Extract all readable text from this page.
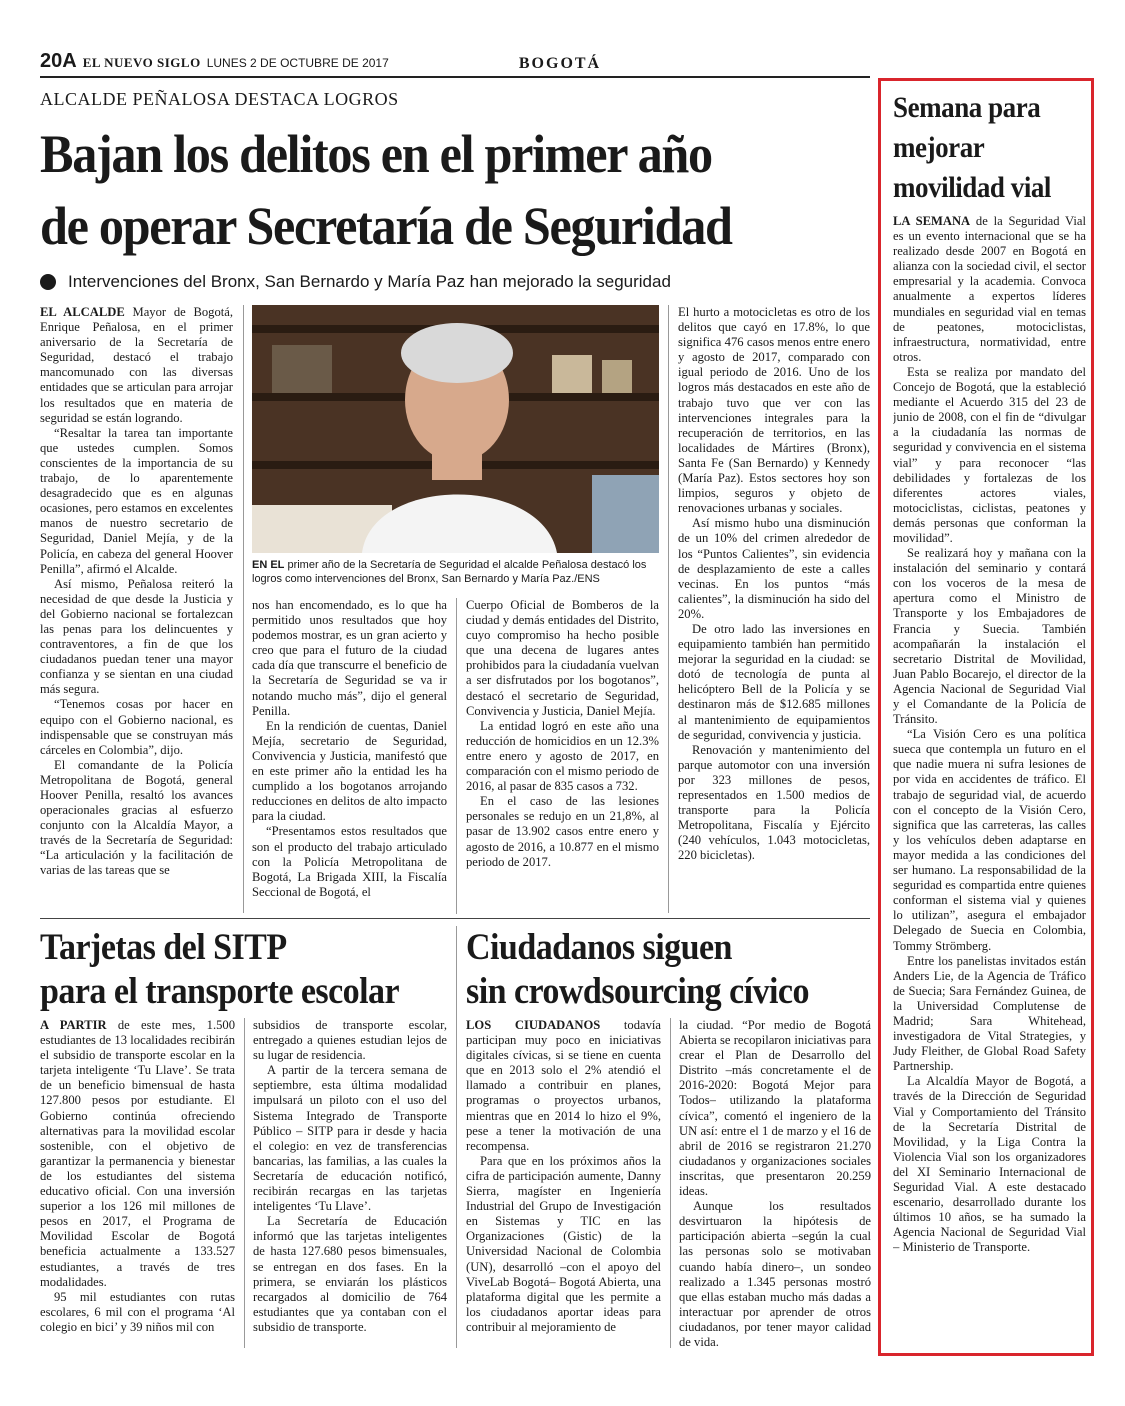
20A EL NUEVO SIGLO LUNES 2 DE OCTUBRE DE 2017	BOGOTÁ
ALCALDE PEÑALOSA DESTACA LOGROS
Bajan los delitos en el primer año
de operar Secretaría de Seguridad
Intervenciones del Bronx, San Bernardo y María Paz han mejorado la seguridad

EL ALCALDE Mayor de Bogotá, Enrique Peñalosa, en el primer aniversario de la Secretaría de Seguridad, destacó el trabajo mancomunado con las diversas entidades que se articulan para arrojar los resultados que en materia de seguridad se están logrando.

“Resaltar la tarea tan importante que ustedes cumplen. Somos conscientes de la importancia de su trabajo, de lo aparentemente desagradecido que es en algunas ocasiones, pero estamos en excelentes manos de nuestro secretario de Seguridad, Daniel Mejía, y de la Policía, en cabeza del general Hoover Penilla”, afirmó el Alcalde.

Así mismo, Peñalosa reiteró la necesidad de que desde la Justicia y del Gobierno nacional se fortalezcan las penas para los delincuentes y contraventores, a fin de que los ciudadanos puedan tener una mayor confianza y se sientan en una ciudad más segura.

“Tenemos cosas por hacer en equipo con el Gobierno nacional, es indispensable que se construyan más cárceles en Colombia”, dijo.

El comandante de la Policía Metropolitana de Bogotá, general Hoover Penilla, resaltó los avances operacionales gracias al esfuerzo conjunto con la Alcaldía Mayor, a través de la Secretaría de Seguridad: “La articulación y la facilitación de varias de las tareas que se

EN EL primer año de la Secretaría de Seguridad el alcalde Peñalosa destacó los logros como intervenciones del Bronx, San Bernardo y María Paz./ENS

nos han encomendado, es lo que ha permitido unos resultados que hoy podemos mostrar, es un gran acierto y creo que para el futuro de la ciudad cada día que transcurre el beneficio de la Secretaría de Seguridad se va ir notando mucho más”, dijo el general Penilla.

En la rendición de cuentas, Daniel Mejía, secretario de Seguridad, Convivencia y Justicia, manifestó que en este primer año la entidad les ha cumplido a los bogotanos arrojando reducciones en delitos de alto impacto para la ciudad.

“Presentamos estos resultados que son el producto del trabajo articulado con la Policía Metropolitana de Bogotá, La Brigada XIII, la Fiscalía Seccional de Bogotá, el

Cuerpo Oficial de Bomberos de la ciudad y demás entidades del Distrito, cuyo compromiso ha hecho posible que una decena de lugares antes prohibidos para la ciudadanía vuelvan a ser disfrutados por los bogotanos”, destacó el secretario de Seguridad, Convivencia y Justicia, Daniel Mejía.

La entidad logró en este año una reducción de homicidios en un 12.3% entre enero y agosto de 2017, en comparación con el mismo periodo de 2016, al pasar de 835 casos a 732.

En el caso de las lesiones personales se redujo en un 21,8%, al pasar de 13.902 casos entre enero y agosto de 2016, a 10.877 en el mismo periodo de 2017.

El hurto a motocicletas es otro de los delitos que cayó en 17.8%, lo que significa 476 casos menos entre enero y agosto de 2017, comparado con igual periodo de 2016. Uno de los logros más destacados en este año de trabajo tuvo que ver con las intervenciones integrales para la recuperación de territorios, en las localidades de Mártires (Bronx), Santa Fe (San Bernardo) y Kennedy (María Paz). Estos sectores hoy son limpios, seguros y objeto de renovaciones urbanas y sociales.

Así mismo hubo una disminución de un 10% del crimen alrededor de los “Puntos Calientes”, sin evidencia de desplazamiento de este a calles vecinas. En los puntos “más calientes”, la disminución ha sido del 20%.

De otro lado las inversiones en equipamiento también han permitido mejorar la seguridad en la ciudad: se dotó de tecnología de punta al helicóptero Bell de la Policía y se destinaron más de $12.685 millones al mantenimiento de equipamientos de seguridad, convivencia y justicia.

Renovación y mantenimiento del parque automotor con una inversión por 323 millones de pesos, representados en 1.500 medios de transporte para la Policía Metropolitana, Fiscalía y Ejército (240 vehículos, 1.043 motocicletas, 220 bicicletas).

Tarjetas del SITP
para el transporte escolar

A PARTIR de este mes, 1.500 estudiantes de 13 localidades recibirán el subsidio de transporte escolar en la tarjeta inteligente ‘Tu Llave’. Se trata de un beneficio bimensual de hasta 127.800 pesos por estudiante. El Gobierno continúa ofreciendo alternativas para la movilidad escolar sostenible, con el objetivo de garantizar la permanencia y bienestar de los estudiantes del sistema educativo oficial. Con una inversión superior a los 126 mil millones de pesos en 2017, el Programa de Movilidad Escolar de Bogotá beneficia actualmente a 133.527 estudiantes, a través de tres modalidades.

95 mil estudiantes con rutas escolares, 6 mil con el programa ‘Al colegio en bici’ y 39 niños mil con

subsidios de transporte escolar, entregado a quienes estudian lejos de su lugar de residencia.

A partir de la tercera semana de septiembre, esta última modalidad impulsará un piloto con el uso del Sistema Integrado de Transporte Público – SITP para ir desde y hacia el colegio: en vez de transferencias bancarias, las familias, a las cuales la Secretaría de educación notificó, recibirán recargas en las tarjetas inteligentes ‘Tu Llave’.

La Secretaría de Educación informó que las tarjetas inteligentes de hasta 127.680 pesos bimensuales, se entregan en dos fases. En la primera, se enviarán los plásticos recargados al domicilio de 764 estudiantes que ya contaban con el subsidio de transporte.

Ciudadanos siguen
sin crowdsourcing cívico

LOS CIUDADANOS todavía participan muy poco en iniciativas digitales cívicas, si se tiene en cuenta que en 2013 solo el 2% atendió el llamado a contribuir en planes, programas o proyectos urbanos, mientras que en 2014 lo hizo el 9%, pese a tener la motivación de una recompensa.

Para que en los próximos años la cifra de participación aumente, Danny Sierra, magíster en Ingeniería Industrial del Grupo de Investigación en Sistemas y TIC en las Organizaciones (Gistic) de la Universidad Nacional de Colombia (UN), desarrolló –con el apoyo del ViveLab Bogotá– Bogotá Abierta, una plataforma digital que les permite a los ciudadanos aportar ideas para contribuir al mejoramiento de

la ciudad. “Por medio de Bogotá Abierta se recopilaron iniciativas para crear el Plan de Desarrollo del Distrito –más concretamente el de 2016-2020: Bogotá Mejor para Todos– utilizando la plataforma cívica”, comentó el ingeniero de la UN así: entre el 1 de marzo y el 16 de abril de 2016 se registraron 21.270 ciudadanos y organizaciones sociales inscritas, que presentaron 20.259 ideas.

Aunque los resultados desvirtuaron la hipótesis de participación abierta –según la cual las personas solo se motivaban cuando había dinero–, un sondeo realizado a 1.345 personas mostró que ellas estaban mucho más dadas a interactuar por aprender de otros ciudadanos, por tener mayor calidad de vida.

Semana para
mejorar
movilidad vial

LA SEMANA de la Seguridad Vial es un evento internacional que se ha realizado desde 2007 en Bogotá en alianza con la sociedad civil, el sector empresarial y la academia. Convoca anualmente a expertos líderes mundiales en seguridad vial en temas de peatones, motociclistas, infraestructura, normatividad, entre otros.

Esta se realiza por mandato del Concejo de Bogotá, que la estableció mediante el Acuerdo 315 del 23 de junio de 2008, con el fin de “divulgar a la ciudadanía las normas de seguridad y convivencia en el sistema vial” y para reconocer “las debilidades y fortalezas de los diferentes actores viales, motociclistas, ciclistas, peatones y demás personas que conforman la movilidad”.

Se realizará hoy y mañana con la instalación del seminario y contará con los voceros de la mesa de apertura como el Ministro de Transporte y los Embajadores de Francia y Suecia. También acompañarán la instalación el secretario Distrital de Movilidad, Juan Pablo Bocarejo, el director de la Agencia Nacional de Seguridad Vial y el Comandante de la Policía de Tránsito.

“La Visión Cero es una política sueca que contempla un futuro en el que nadie muera ni sufra lesiones de por vida en accidentes de tráfico. El trabajo de seguridad vial, de acuerdo con el concepto de la Visión Cero, significa que las carreteras, las calles y los vehículos deben adaptarse en mayor medida a las condiciones del ser humano. La responsabilidad de la seguridad es compartida entre quienes conforman el sistema vial y quienes lo utilizan”, asegura el embajador Delegado de Suecia en Colombia, Tommy Strömberg.

Entre los panelistas invitados están Anders Lie, de la Agencia de Tráfico de Suecia; Sara Fernández Guinea, de la Universidad Complutense de Madrid; Sara Whitehead, investigadora de Vital Strategies, y Judy Fleither, de Global Road Safety Partnership.

La Alcaldía Mayor de Bogotá, a través de la Dirección de Seguridad Vial y Comportamiento del Tránsito de la Secretaría Distrital de Movilidad, y la Liga Contra la Violencia Vial son los organizadores del XI Seminario Internacional de Seguridad Vial. A este destacado escenario, desarrollado durante los últimos 10 años, se ha sumado la Agencia Nacional de Seguridad Vial – Ministerio de Transporte.
